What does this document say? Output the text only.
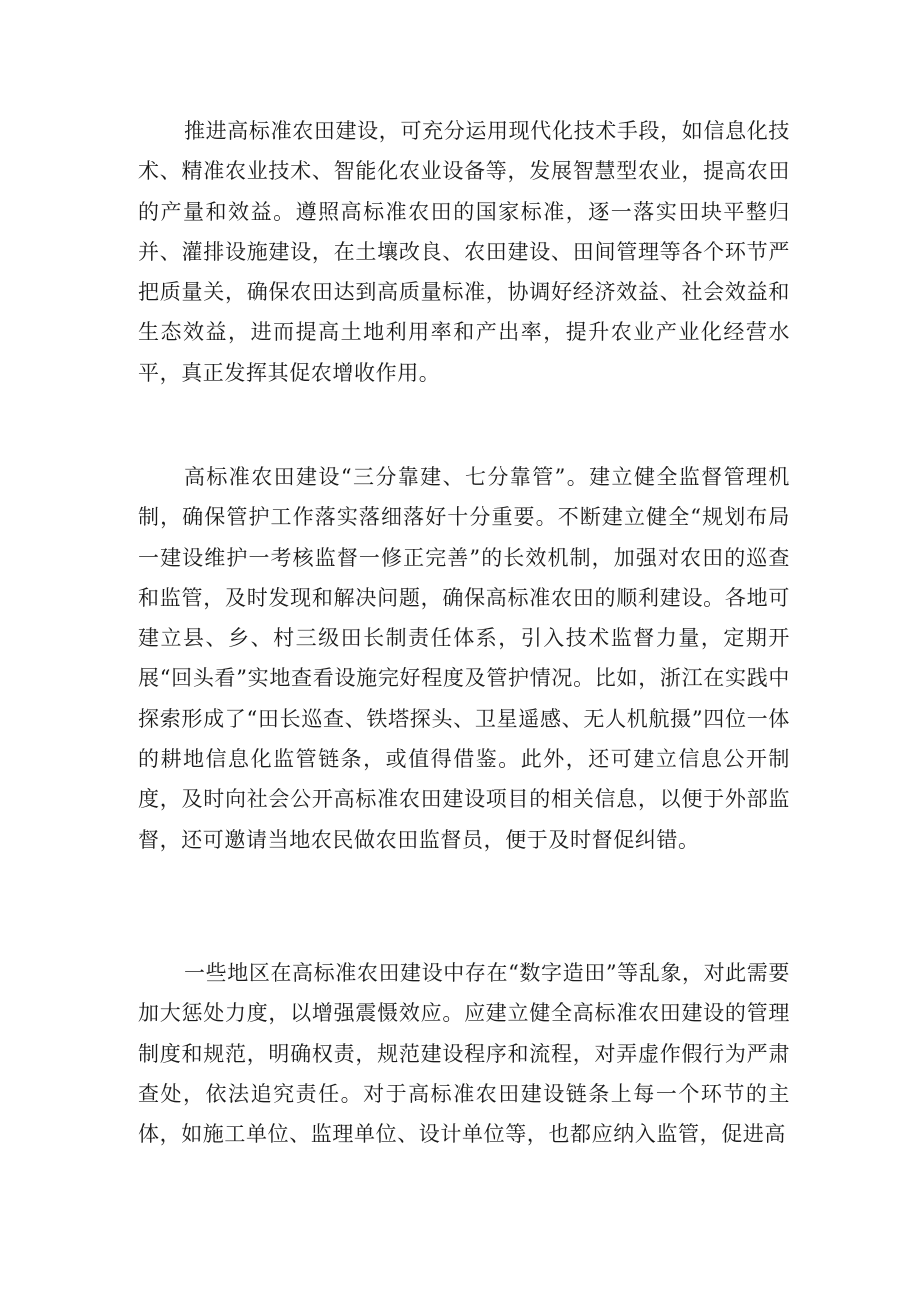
推进高标准农田建设，可充分运用现代化技术手段，如信息化技术、精准农业技术、智能化农业设备等，发展智慧型农业，提高农田的产量和效益。遵照高标准农田的国家标准，逐一落实田块平整归并、灌排设施建设，在土壤改良、农田建设、田间管理等各个环节严把质量关，确保农田达到高质量标准，协调好经济效益、社会效益和生态效益，进而提高土地利用率和产出率，提升农业产业化经营水平，真正发挥其促农增收作用。

高标准农田建设“三分靠建、七分靠管”。建立健全监督管理机制，确保管护工作落实落细落好十分重要。不断建立健全“规划布局一建设维护一考核监督一修正完善”的长效机制，加强对农田的巡查和监管，及时发现和解决问题，确保高标准农田的顺利建设。各地可建立县、乡、村三级田长制责任体系，引入技术监督力量，定期开展“回头看”实地查看设施完好程度及管护情况。比如，浙江在实践中探索形成了“田长巡查、铁塔探头、卫星遥感、无人机航摄”四位一体的耕地信息化监管链条，或值得借鉴。此外，还可建立信息公开制度，及时向社会公开高标准农田建设项目的相关信息，以便于外部监督，还可邀请当地农民做农田监督员，便于及时督促纠错。

一些地区在高标准农田建设中存在“数字造田”等乱象，对此需要加大惩处力度，以增强震慑效应。应建立健全高标准农田建设的管理制度和规范，明确权责，规范建设程序和流程，对弄虚作假行为严肃查处，依法追究责任。对于高标准农田建设链条上每一个环节的主体，如施工单位、监理单位、设计单位等，也都应纳入监管，促进高
